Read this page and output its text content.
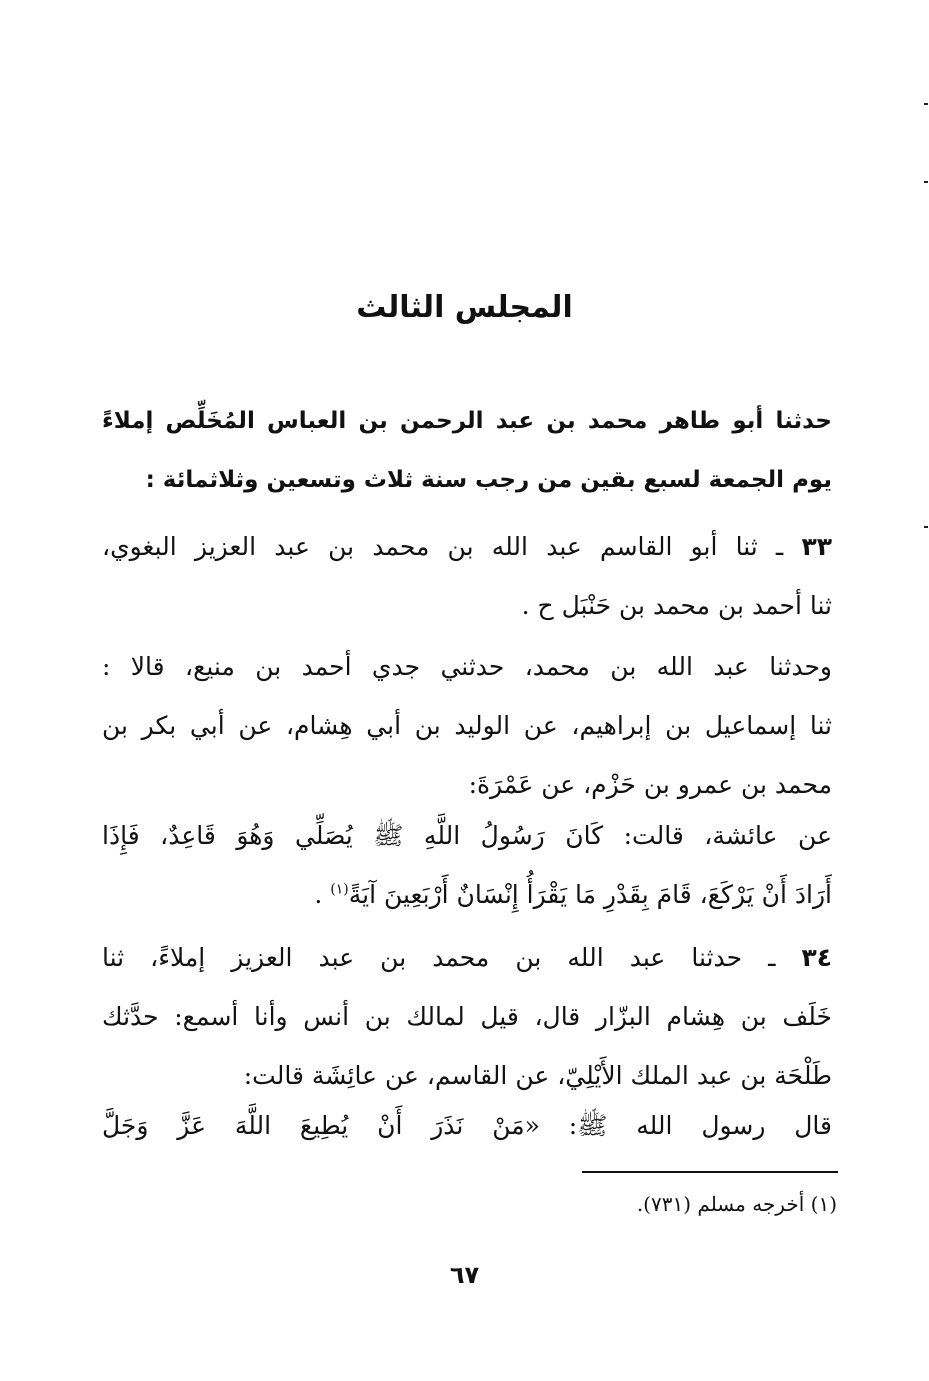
المجلس الثالث

حدثنا أبو طاهر محمد بن عبد الرحمن بن العباس المُخَلِّص إملاءً
يوم الجمعة لسبع بقين من رجب سنة ثلاث وتسعين وثلاثمائة :

٣٣ ـ ثنا أبو القاسم عبد الله بن محمد بن عبد العزيز البغوي،
ثنا أحمد بن محمد بن حَنْبَل ح .

وحدثنا عبد الله بن محمد، حدثني جدي أحمد بن منيع، قالا :
ثنا إسماعيل بن إبراهيم، عن الوليد بن أبي هِشام، عن أبي بكر بن
محمد بن عمرو بن حَزْم، عن عَمْرَةَ:

عن عائشة، قالت: كَانَ رَسُولُ اللَّهِ ﷺ يُصَلِّي وَهُوَ قَاعِدٌ، فَإِذَا
أَرَادَ أَنْ يَرْكَعَ، قَامَ بِقَدْرِ مَا يَقْرَأُ إِنْسَانٌ أَرْبَعِينَ آيَةً$^{(١)}$ .

٣٤ ـ حدثنا عبد الله بن محمد بن عبد العزيز إملاءً، ثنا
خَلَف بن هِشام البزّار قال، قيل لمالك بن أنس وأنا أسمع: حدَّثك
طَلْحَة بن عبد الملك الأَيْلِيّ، عن القاسم، عن عائِشَة قالت:

قال رسول الله ﷺ: «مَنْ نَذَرَ أَنْ يُطِيعَ اللَّهَ عَزَّ وَجَلَّ

(١) أخرجه مسلم (٧٣١).

٦٧
